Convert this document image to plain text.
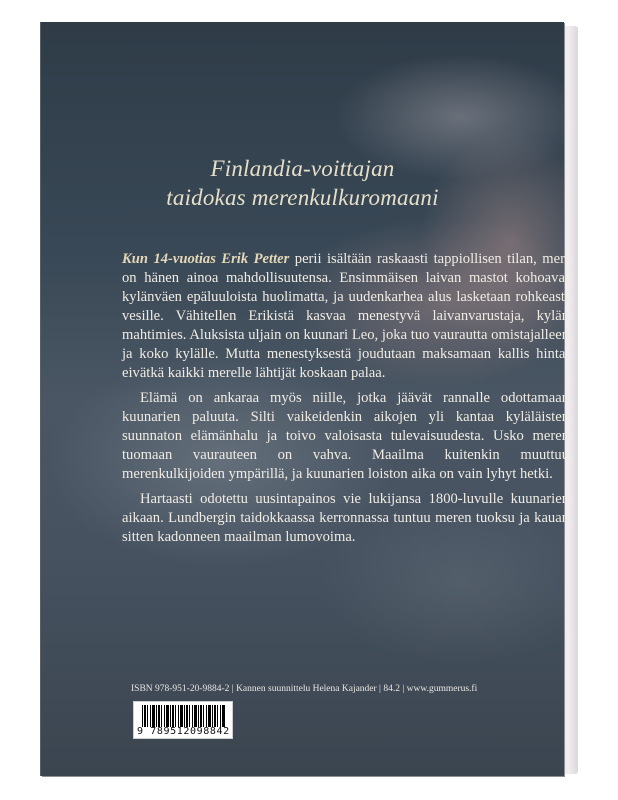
Finlandia-voittajan
taidokas merenkulkuromaani

Kun 14-vuotias Erik Petter perii isältään raskaasti tappiollisen tilan, meri on hänen ainoa mahdollisuutensa. Ensimmäisen laivan mastot kohoavat kylänväen epäluuloista huolimatta, ja uudenkarhea alus lasketaan rohkeasti vesille. Vähitellen Erikistä kasvaa menestyvä laivanvarustaja, kylän mahtimies. Aluksista uljain on kuunari Leo, joka tuo vaurautta omistajalleen ja koko kylälle. Mutta menestyksestä joudutaan maksamaan kallis hinta, eivätkä kaikki merelle lähtijät koskaan palaa.

Elämä on ankaraa myös niille, jotka jäävät rannalle odottamaan kuunarien paluuta. Silti vaikeidenkin aikojen yli kantaa kyläläisten suunnaton elämänhalu ja toivo valoisasta tulevaisuudesta. Usko meren tuomaan vaurauteen on vahva. Maailma kuitenkin muuttuu merenkulkijoiden ympärillä, ja kuunarien loiston aika on vain lyhyt hetki.

Hartaasti odotettu uusintapainos vie lukijansa 1800-luvulle kuunarien aikaan. Lundbergin taidokkaassa kerronnassa tuntuu meren tuoksu ja kauan sitten kadonneen maailman lumovoima.

ISBN 978-951-20-9884-2 | Kannen suunnittelu Helena Kajander | 84.2 | www.gummerus.fi
9 789512098842
